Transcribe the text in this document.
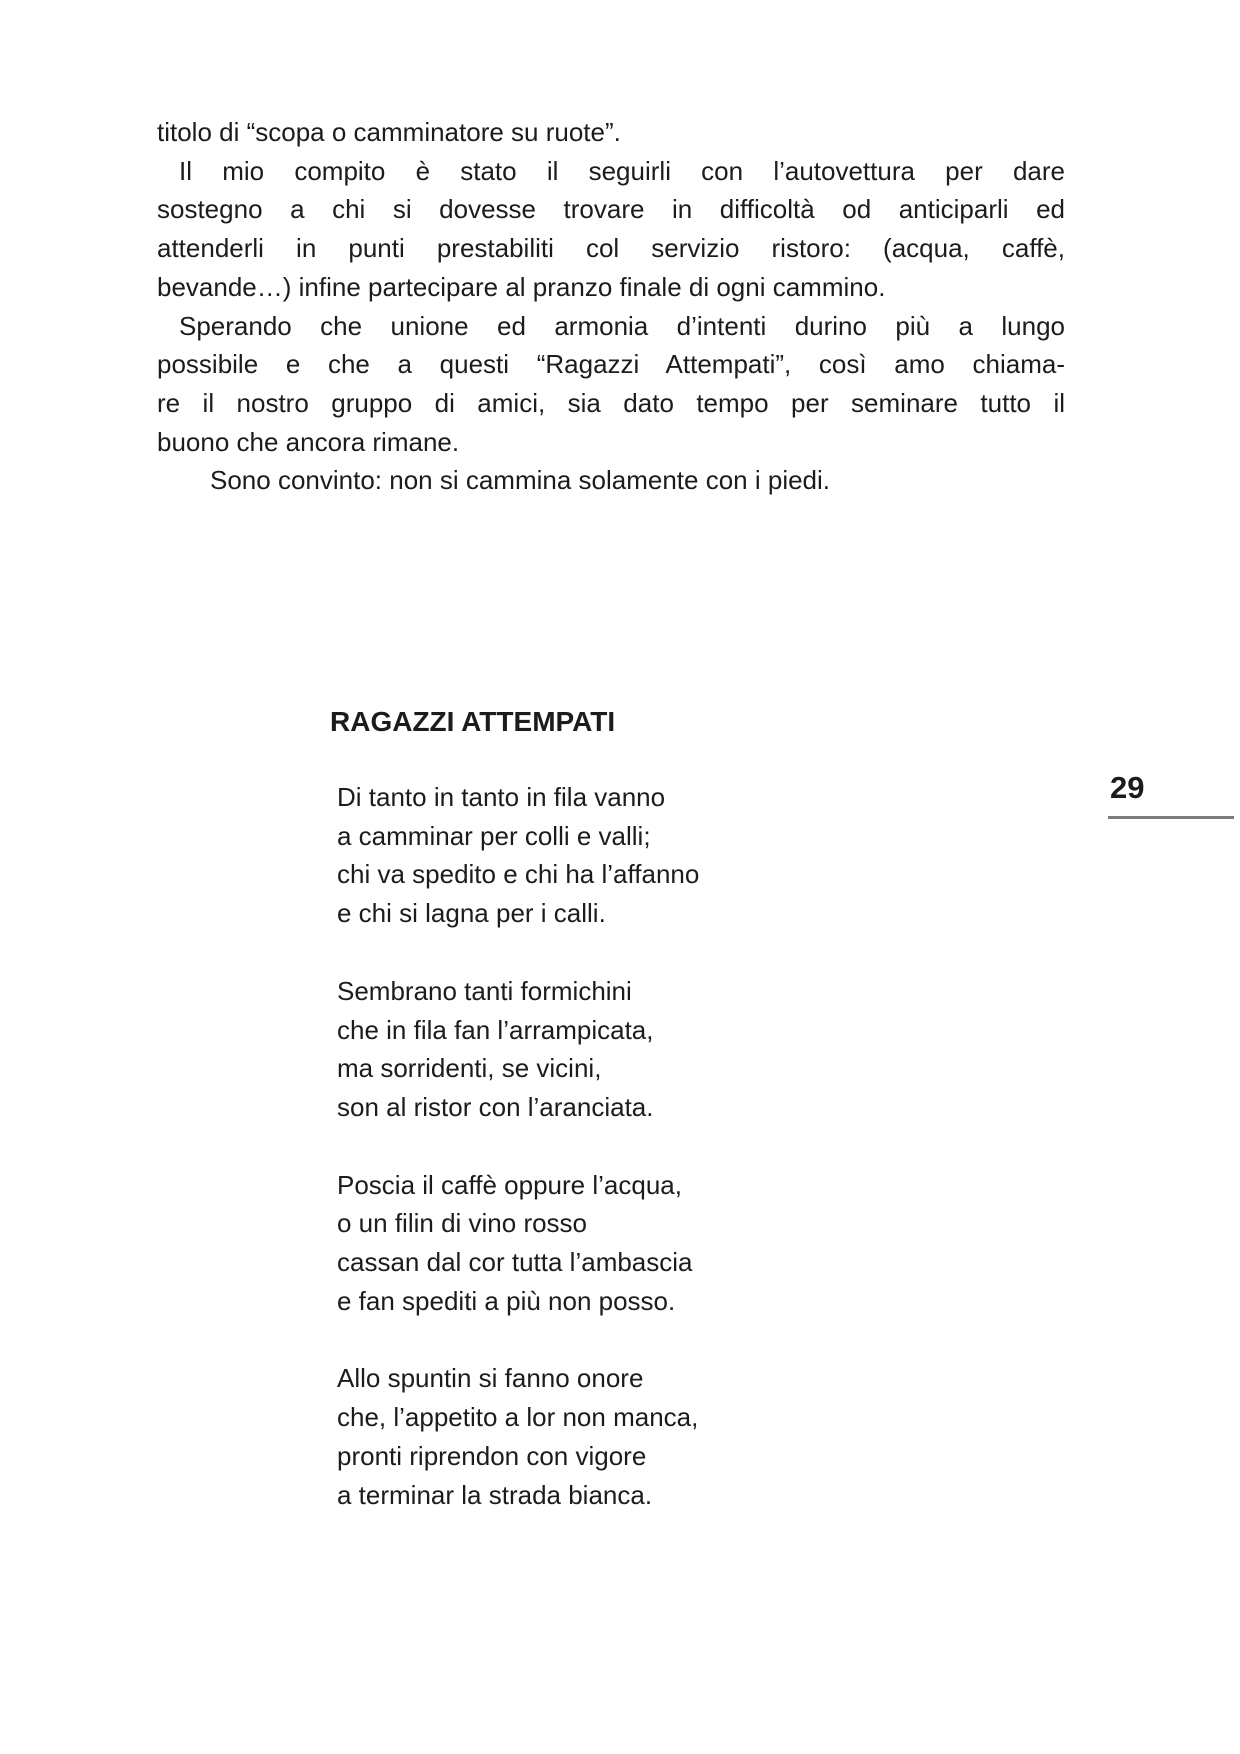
titolo di “scopa o camminatore su ruote”.
Il mio compito è stato il seguirli con l’autovettura per dare
sostegno a chi si dovesse trovare in difficoltà od anticiparli ed
attenderli in punti prestabiliti col servizio ristoro: (acqua, caffè,
bevande…) infine partecipare al pranzo finale di ogni cammino.
Sperando che unione ed armonia d’intenti durino più a lungo
possibile e che a questi “Ragazzi Attempati”, così amo chiama-
re il nostro gruppo di amici, sia dato tempo per seminare tutto il
buono che ancora rimane.
Sono convinto: non si cammina solamente con i piedi.
RAGAZZI ATTEMPATI
29
Di tanto in tanto in fila vanno
a camminar per colli e valli;
chi va spedito e chi ha l’affanno
e chi si lagna per i calli.
Sembrano tanti formichini
che in fila fan l’arrampicata,
ma sorridenti, se vicini,
son al ristor con l’aranciata.
Poscia il caffè oppure l’acqua,
o un filin di vino rosso
cassan dal cor tutta l’ambascia
e fan spediti a più non posso.
Allo spuntin si fanno onore
che, l’appetito a lor non manca,
pronti riprendon con vigore
a terminar la strada bianca.
